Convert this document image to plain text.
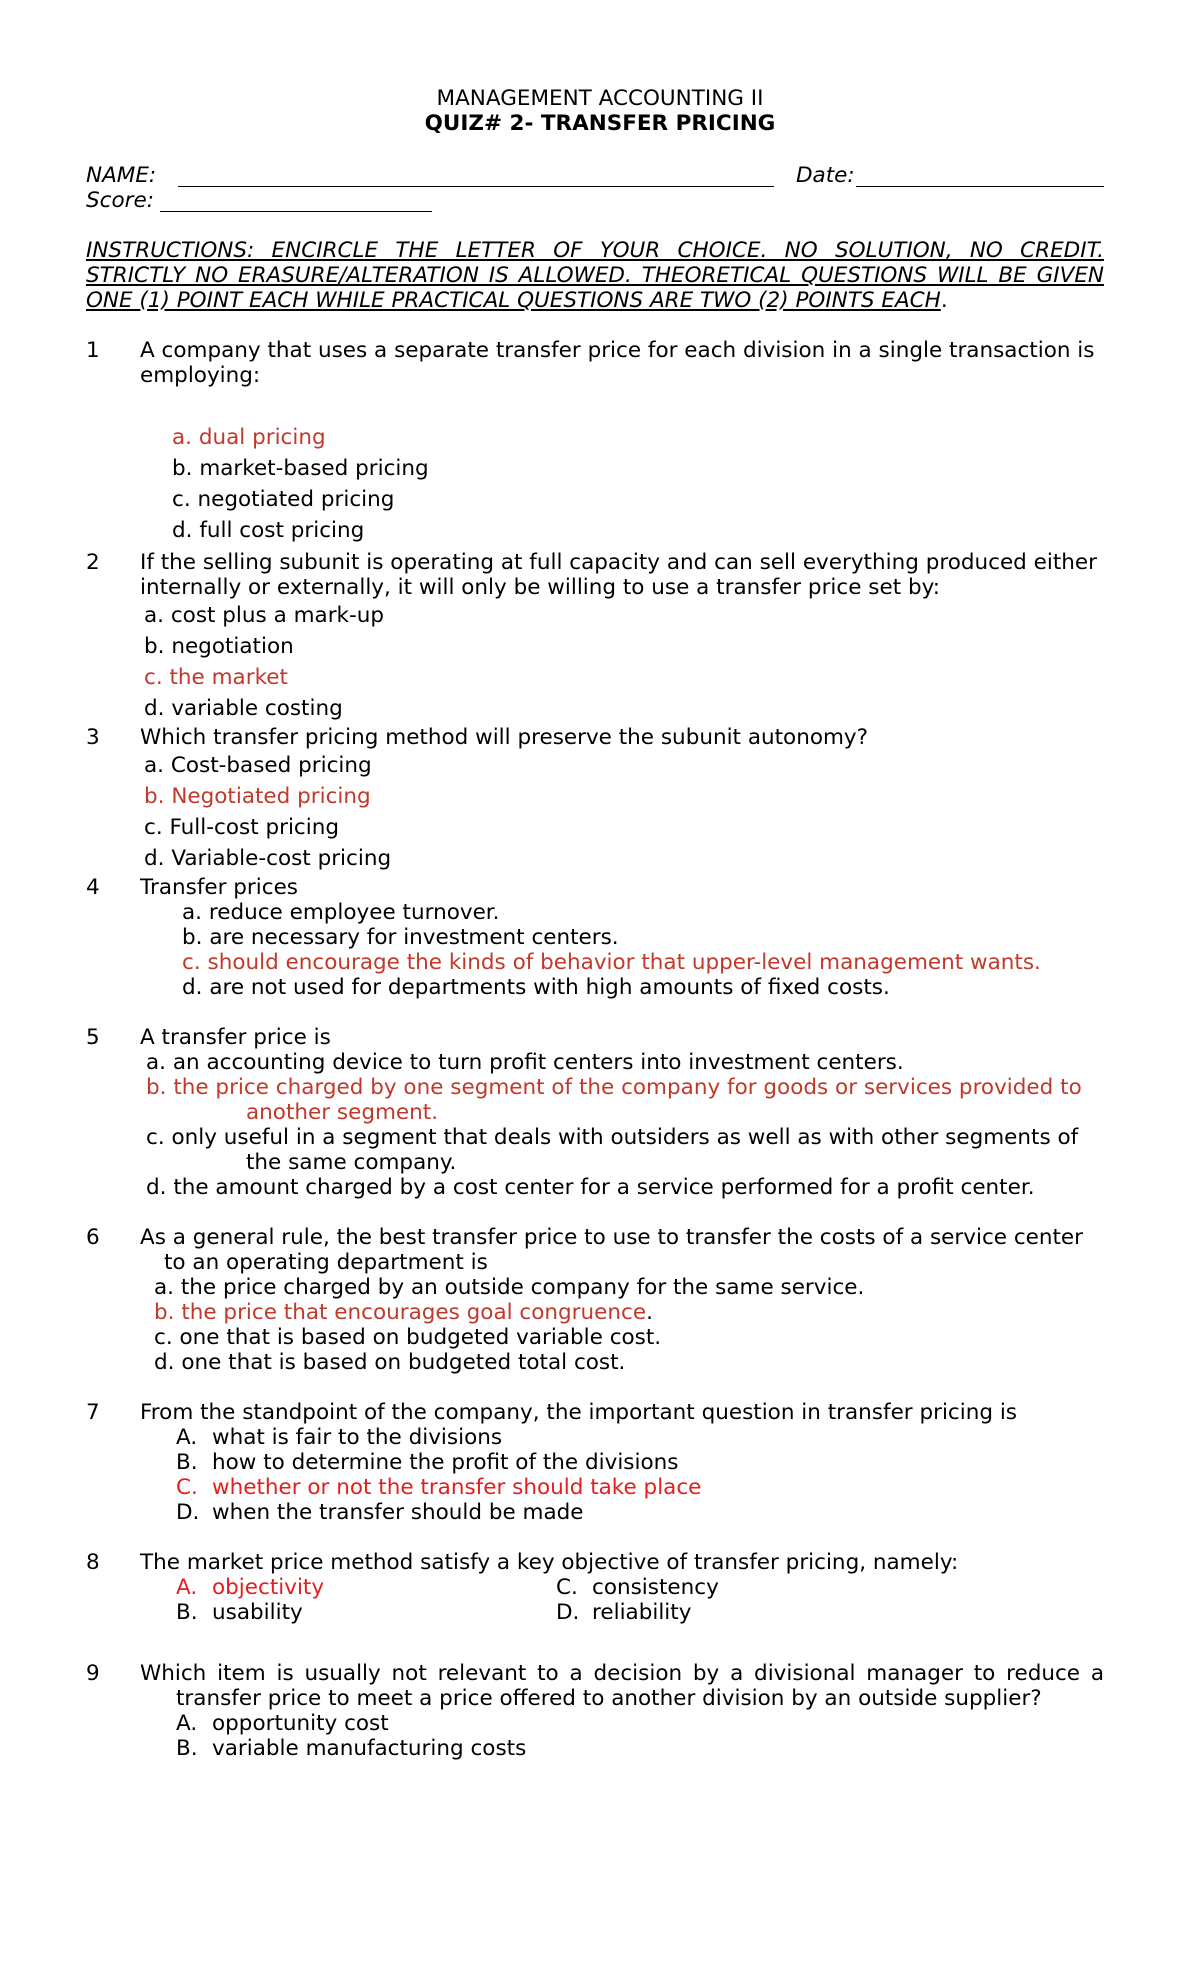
MANAGEMENT ACCOUNTING II
QUIZ# 2- TRANSFER PRICING
NAME:	Date:
Score:
INSTRUCTIONS: ENCIRCLE THE LETTER OF YOUR CHOICE. NO SOLUTION, NO CREDIT. STRICTLY NO ERASURE/ALTERATION IS ALLOWED. THEORETICAL QUESTIONS WILL BE GIVEN ONE (1) POINT EACH WHILE PRACTICAL QUESTIONS ARE TWO (2) POINTS EACH.
1 A company that uses a separate transfer price for each division in a single transaction is
employing:
a. dual pricing
b. market-based pricing
c. negotiated pricing
d. full cost pricing
2 If the selling subunit is operating at full capacity and can sell everything produced either
internally or externally, it will only be willing to use a transfer price set by:
a. cost plus a mark-up
b. negotiation
c. the market
d. variable costing
3 Which transfer pricing method will preserve the subunit autonomy?
a. Cost-based pricing
b. Negotiated pricing
c. Full-cost pricing
d. Variable-cost pricing
4 Transfer prices
a. reduce employee turnover.
b. are necessary for investment centers.
c. should encourage the kinds of behavior that upper-level management wants.
d. are not used for departments with high amounts of fixed costs.
5 A transfer price is
a. an accounting device to turn profit centers into investment centers.
b. the price charged by one segment of the company for goods or services provided to
another segment.
c. only useful in a segment that deals with outsiders as well as with other segments of
the same company.
d. the amount charged by a cost center for a service performed for a profit center.
6 As a general rule, the best transfer price to use to transfer the costs of a service center
to an operating department is
a. the price charged by an outside company for the same service.
b. the price that encourages goal congruence.
c. one that is based on budgeted variable cost.
d. one that is based on budgeted total cost.
7 From the standpoint of the company, the important question in transfer pricing is
A. what is fair to the divisions
B. how to determine the profit of the divisions
C. whether or not the transfer should take place
D. when the transfer should be made
8 The market price method satisfy a key objective of transfer pricing, namely:
A. objectivity
B. usability
C. consistency
D. reliability
9 Which item is usually not relevant to a decision by a divisional manager to reduce a
transfer price to meet a price offered to another division by an outside supplier?
A. opportunity cost
B. variable manufacturing costs
